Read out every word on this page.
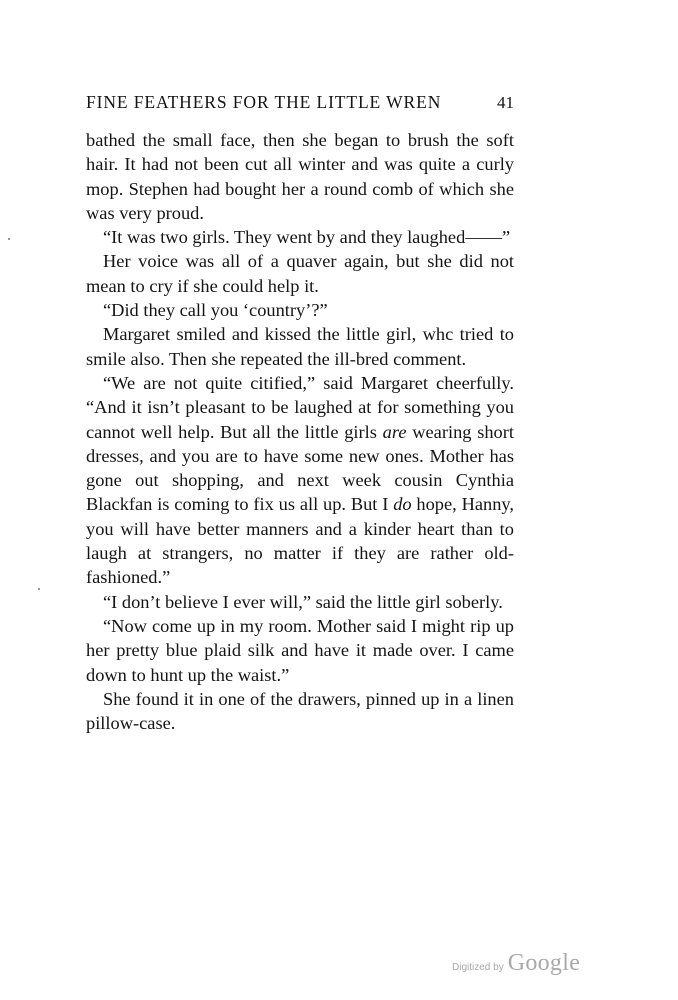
FINE FEATHERS FOR THE LITTLE WREN	41

bathed the small face, then she began to brush the soft hair. It had not been cut all winter and was quite a curly mop. Stephen had bought her a round comb of which she was very proud.

“It was two girls. They went by and they laughed——”

Her voice was all of a quaver again, but she did not mean to cry if she could help it.

“Did they call you ‘country’?”

Margaret smiled and kissed the little girl, whc tried to smile also. Then she repeated the ill-bred comment.

“We are not quite citified,” said Margaret cheerfully. “And it isn’t pleasant to be laughed at for something you cannot well help. But all the little girls are wearing short dresses, and you are to have some new ones. Mother has gone out shopping, and next week cousin Cynthia Blackfan is coming to fix us all up. But I do hope, Hanny, you will have better manners and a kinder heart than to laugh at strangers, no matter if they are rather old-fashioned.”

“I don’t believe I ever will,” said the little girl soberly.

“Now come up in my room. Mother said I might rip up her pretty blue plaid silk and have it made over. I came down to hunt up the waist.”

She found it in one of the drawers, pinned up in a linen pillow-case.

Digitized by Google
